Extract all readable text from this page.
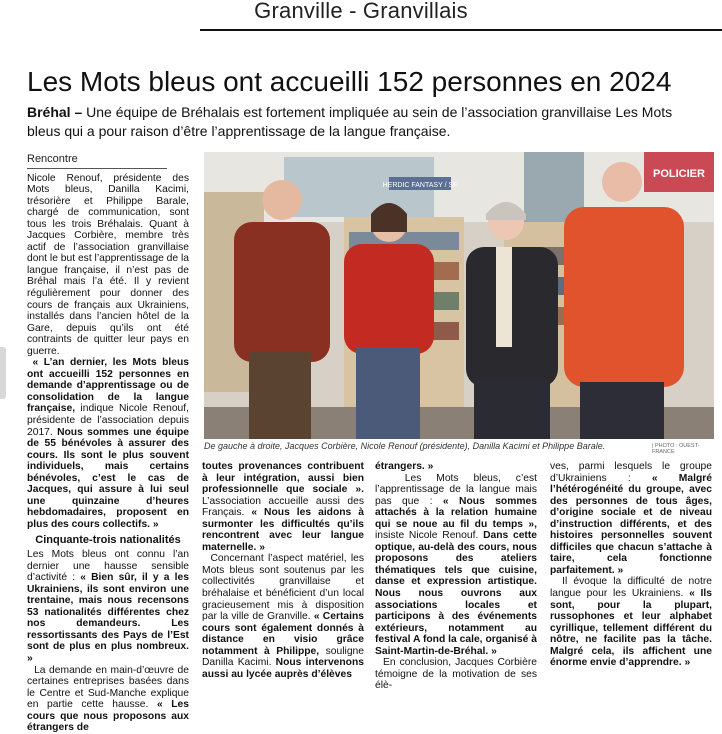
Granville - Granvillais
Les Mots bleus ont accueilli 152 personnes en 2024
Bréhal – Une équipe de Bréhalais est fortement impliquée au sein de l’association granvillaise Les Mots bleus qui a pour raison d’être l’apprentissage de la langue française.
Rencontre

Nicole Renouf, présidente des Mots bleus, Danilla Kacimi, trésorière et Philippe Barale, chargé de communication, sont tous les trois Bréhalais. Quant à Jacques Corbière, membre très actif de l’association granvillaise dont le but est l’apprentissage de la langue française, il n’est pas de Bréhal mais l’a été. Il y revient régulièrement pour donner des cours de français aux Ukrainiens, installés dans l’ancien hôtel de la Gare, depuis qu’ils ont été contraints de quitter leur pays en guerre.

« L’an dernier, les Mots bleus ont accueilli 152 personnes en demande d’apprentissage ou de consolidation de la langue française, indique Nicole Renouf, présidente de l’association depuis 2017. Nous sommes une équipe de 55 bénévoles à assurer des cours. Ils sont le plus souvent individuels, mais certains bénévoles, c’est le cas de Jacques, qui assure à lui seul une quinzaine d’heures hebdomadaires, proposent en plus des cours collectifs. »

Cinquante-trois nationalités

Les Mots bleus ont connu l’an dernier une hausse sensible d’activité : « Bien sûr, il y a les Ukrainiens, ils sont environ une trentaine, mais nous recensons 53 nationalités différentes chez nos demandeurs. Les ressortissants des Pays de l’Est sont de plus en plus nombreux. »

La demande en main-d’œuvre de certaines entreprises basées dans le Centre et Sud-Manche explique en partie cette hausse. « Les cours que nous proposons aux étrangers de

HERDIC FANTASY / SF
POLICIER
De gauche à droite, Jacques Corbière, Nicole Renouf (présidente), Danilla Kacimi et Philippe Barale.	| PHOTO : OUEST-FRANCE

toutes provenances contribuent à leur intégration, aussi bien professionnelle que sociale ». L’association accueille aussi des Français. « Nous les aidons à surmonter les difficultés qu’ils rencontrent avec leur langue maternelle. »

Concernant l’aspect matériel, les Mots bleus sont soutenus par les collectivités granvillaise et bréhalaise et bénéficient d’un local gracieusement mis à disposition par la ville de Granville. « Certains cours sont également donnés à distance en visio grâce notamment à Philippe, souligne Danilla Kacimi. Nous intervenons aussi au lycée auprès d’élèves

étrangers. »

Les Mots bleus, c’est l’apprentissage de la langue mais pas que : « Nous sommes attachés à la relation humaine qui se noue au fil du temps », insiste Nicole Renouf. Dans cette optique, au-delà des cours, nous proposons des ateliers thématiques tels que cuisine, danse et expression artistique. Nous nous ouvrons aux associations locales et participons à des événements extérieurs, notamment au festival A fond la cale, organisé à Saint-Martin-de-Bréhal. »

En conclusion, Jacques Corbière témoigne de la motivation de ses élè-

ves, parmi lesquels le groupe d’Ukrainiens : « Malgré l’hétérogénéité du groupe, avec des personnes de tous âges, d’origine sociale et de niveau d’instruction différents, et des histoires personnelles souvent difficiles que chacun s’attache à taire, cela fonctionne parfaitement. »

Il évoque la difficulté de notre langue pour les Ukrainiens. « Ils sont, pour la plupart, russophones et leur alphabet cyrillique, tellement différent du nôtre, ne facilite pas la tâche. Malgré cela, ils affichent une énorme envie d’apprendre. »
